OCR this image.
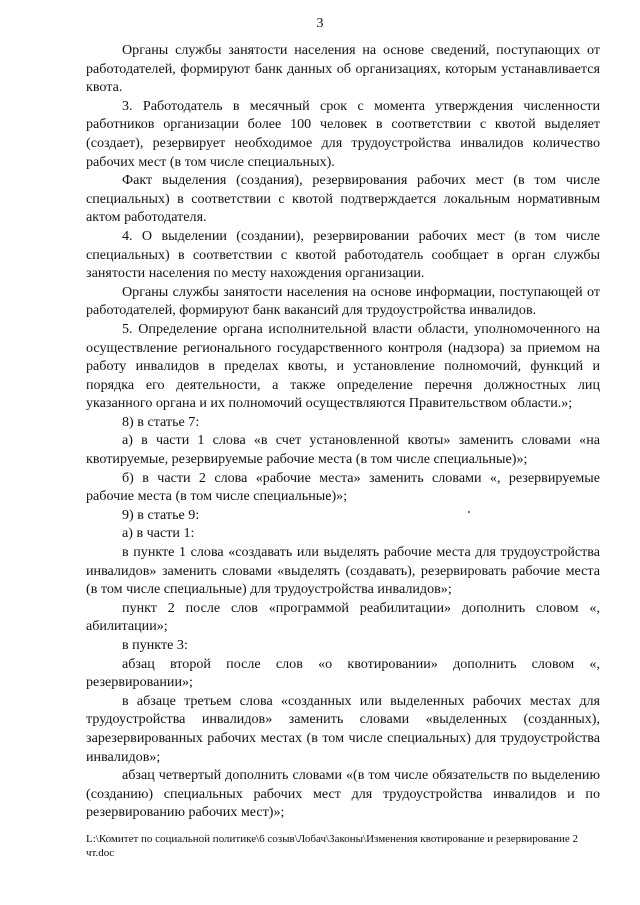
3

Органы службы занятости населения на основе сведений, поступающих от работодателей, формируют банк данных об организациях, которым устанавливается квота.

3. Работодатель в месячный срок с момента утверждения численности работников организации более 100 человек в соответствии с квотой выделяет (создает), резервирует необходимое для трудоустройства инвалидов количество рабочих мест (в том числе специальных).

Факт выделения (создания), резервирования рабочих мест (в том числе специальных) в соответствии с квотой подтверждается локальным нормативным актом работодателя.

4. О выделении (создании), резервировании рабочих мест (в том числе специальных) в соответствии с квотой работодатель сообщает в орган службы занятости населения по месту нахождения организации.

Органы службы занятости населения на основе информации, поступающей от работодателей, формируют банк вакансий для трудоустройства инвалидов.

5. Определение органа исполнительной власти области, уполномоченного на осуществление регионального государственного контроля (надзора) за приемом на работу инвалидов в пределах квоты, и установление полномочий, функций и порядка его деятельности, а также определение перечня должностных лиц указанного органа и их полномочий осуществляются Правительством области.»;

8) в статье 7:

а) в части 1 слова «в счет установленной квоты» заменить словами «на квотируемые, резервируемые рабочие места (в том числе специальные)»;

б) в части 2 слова «рабочие места» заменить словами «, резервируемые рабочие места (в том числе специальные)»;

9) в статье 9:

а) в части 1:

в пункте 1 слова «создавать или выделять рабочие места для трудоустройства инвалидов» заменить словами «выделять (создавать), резервировать рабочие места (в том числе специальные) для трудоустройства инвалидов»;

пункт 2 после слов «программой реабилитации» дополнить словом «, абилитации»;

в пункте 3:

абзац второй после слов «о квотировании» дополнить словом «, резервировании»;

в абзаце третьем слова «созданных или выделенных рабочих местах для трудоустройства инвалидов» заменить словами «выделенных (созданных), зарезервированных рабочих местах (в том числе специальных) для трудоустройства инвалидов»;

абзац четвертый дополнить словами «(в том числе обязательств по выделению (созданию) специальных рабочих мест для трудоустройства инвалидов и по резервированию рабочих мест)»;

L:\Комитет по социальной политике\6 созыв\Лобач\Законы\Изменения квотирование и резервирование 2

чт.doc
